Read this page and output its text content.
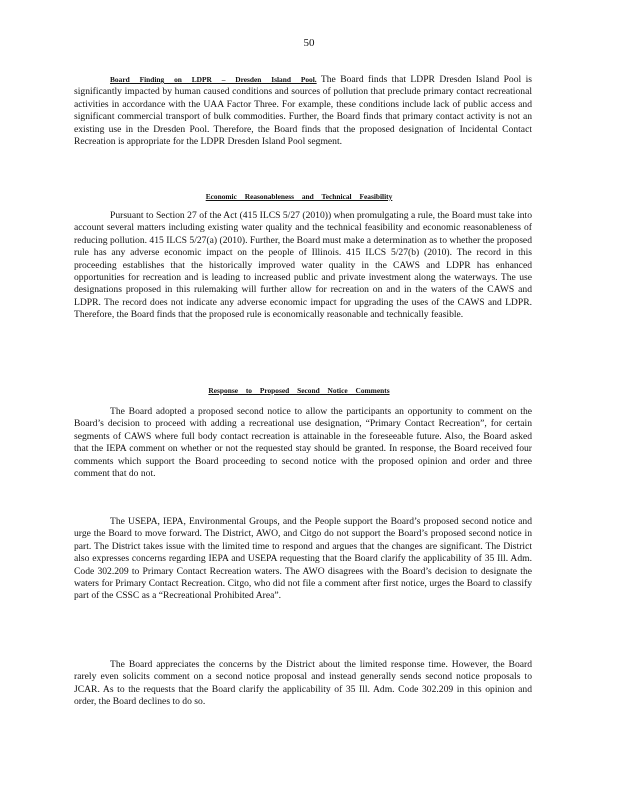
50

Board Finding on LDPR – Dresden Island Pool. The Board finds that LDPR Dresden Island Pool is significantly impacted by human caused conditions and sources of pollution that preclude primary contact recreational activities in accordance with the UAA Factor Three. For example, these conditions include lack of public access and significant commercial transport of bulk commodities. Further, the Board finds that primary contact activity is not an existing use in the Dresden Pool. Therefore, the Board finds that the proposed designation of Incidental Contact Recreation is appropriate for the LDPR Dresden Island Pool segment.

Economic Reasonableness and Technical Feasibility

Pursuant to Section 27 of the Act (415 ILCS 5/27 (2010)) when promulgating a rule, the Board must take into account several matters including existing water quality and the technical feasibility and economic reasonableness of reducing pollution. 415 ILCS 5/27(a) (2010). Further, the Board must make a determination as to whether the proposed rule has any adverse economic impact on the people of Illinois. 415 ILCS 5/27(b) (2010). The record in this proceeding establishes that the historically improved water quality in the CAWS and LDPR has enhanced opportunities for recreation and is leading to increased public and private investment along the waterways. The use designations proposed in this rulemaking will further allow for recreation on and in the waters of the CAWS and LDPR. The record does not indicate any adverse economic impact for upgrading the uses of the CAWS and LDPR. Therefore, the Board finds that the proposed rule is economically reasonable and technically feasible.

Response to Proposed Second Notice Comments

The Board adopted a proposed second notice to allow the participants an opportunity to comment on the Board’s decision to proceed with adding a recreational use designation, “Primary Contact Recreation”, for certain segments of CAWS where full body contact recreation is attainable in the foreseeable future. Also, the Board asked that the IEPA comment on whether or not the requested stay should be granted. In response, the Board received four comments which support the Board proceeding to second notice with the proposed opinion and order and three comment that do not.

The USEPA, IEPA, Environmental Groups, and the People support the Board’s proposed second notice and urge the Board to move forward. The District, AWO, and Citgo do not support the Board’s proposed second notice in part. The District takes issue with the limited time to respond and argues that the changes are significant. The District also expresses concerns regarding IEPA and USEPA requesting that the Board clarify the applicability of 35 Ill. Adm. Code 302.209 to Primary Contact Recreation waters. The AWO disagrees with the Board’s decision to designate the waters for Primary Contact Recreation. Citgo, who did not file a comment after first notice, urges the Board to classify part of the CSSC as a “Recreational Prohibited Area”.

The Board appreciates the concerns by the District about the limited response time. However, the Board rarely even solicits comment on a second notice proposal and instead generally sends second notice proposals to JCAR. As to the requests that the Board clarify the applicability of 35 Ill. Adm. Code 302.209 in this opinion and order, the Board declines to do so.
